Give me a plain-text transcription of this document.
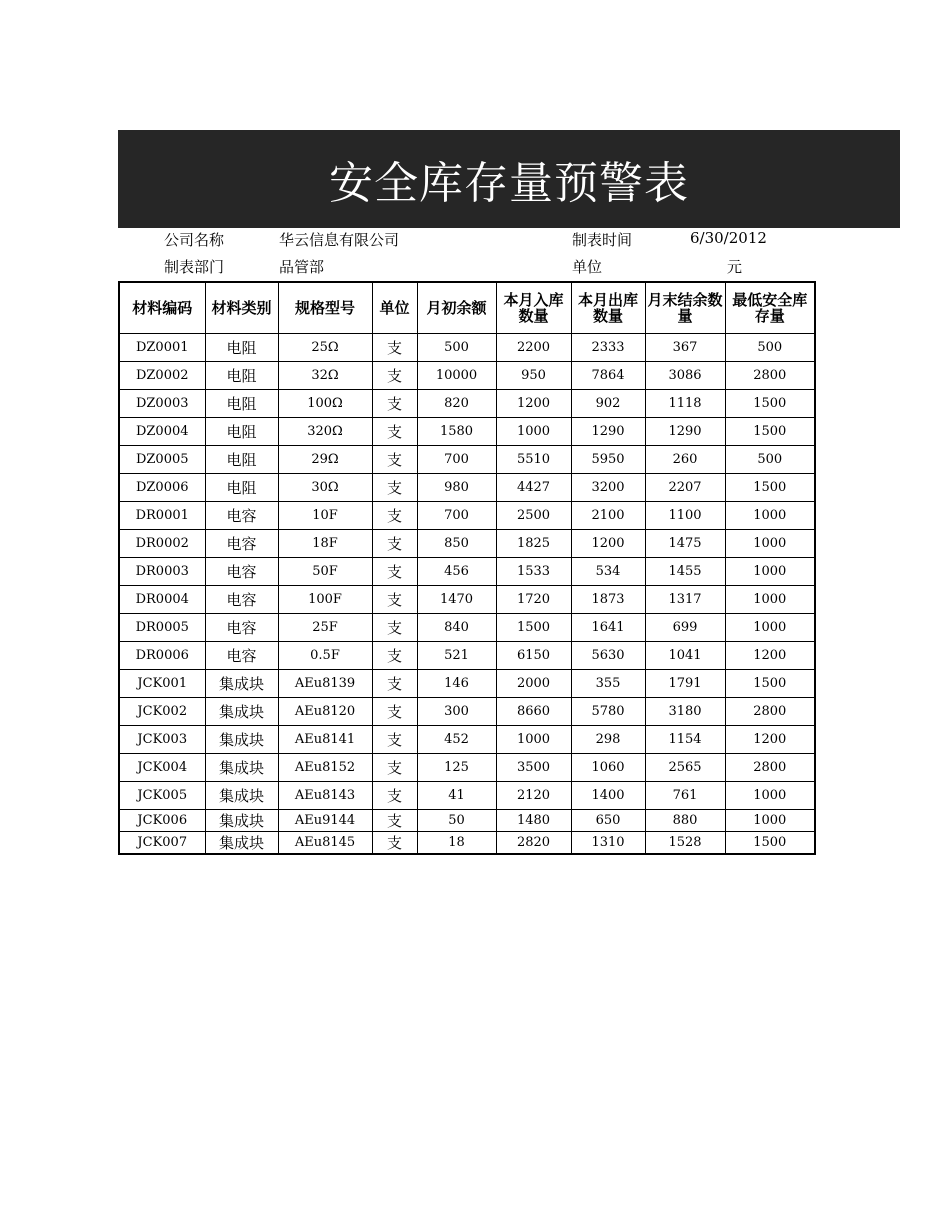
安全库存量预警表
公司名称	华云信息有限公司	制表时间	6/30/2012
制表部门	品管部	单位	元
材料编码	材料类别	规格型号	单位	月初余额	本月入库数量	本月出库数量	月末结余数量	最低安全库存量
DZ0001	电阻	25Ω	支	500	2200	2333	367	500
DZ0002	电阻	32Ω	支	10000	950	7864	3086	2800
DZ0003	电阻	100Ω	支	820	1200	902	1118	1500
DZ0004	电阻	320Ω	支	1580	1000	1290	1290	1500
DZ0005	电阻	29Ω	支	700	5510	5950	260	500
DZ0006	电阻	30Ω	支	980	4427	3200	2207	1500
DR0001	电容	10F	支	700	2500	2100	1100	1000
DR0002	电容	18F	支	850	1825	1200	1475	1000
DR0003	电容	50F	支	456	1533	534	1455	1000
DR0004	电容	100F	支	1470	1720	1873	1317	1000
DR0005	电容	25F	支	840	1500	1641	699	1000
DR0006	电容	0.5F	支	521	6150	5630	1041	1200
JCK001	集成块	AEu8139	支	146	2000	355	1791	1500
JCK002	集成块	AEu8120	支	300	8660	5780	3180	2800
JCK003	集成块	AEu8141	支	452	1000	298	1154	1200
JCK004	集成块	AEu8152	支	125	3500	1060	2565	2800
JCK005	集成块	AEu8143	支	41	2120	1400	761	1000
JCK006	集成块	AEu9144	支	50	1480	650	880	1000
JCK007	集成块	AEu8145	支	18	2820	1310	1528	1500
